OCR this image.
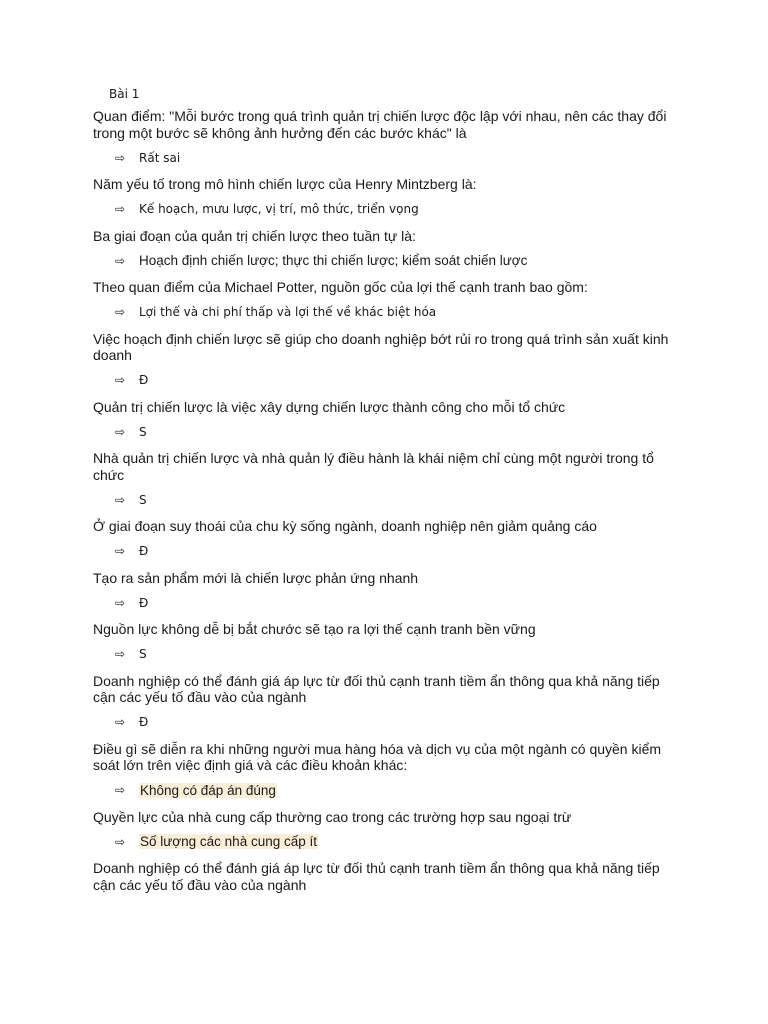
Bài 1

Quan điểm: "Mỗi bước trong quá trình quản trị chiến lược độc lập với nhau, nên các thay đổi trong một bước sẽ không ảnh hưởng đến các bước khác" là

⇨	Rất sai

Năm yếu tố trong mô hình chiến lược của Henry Mintzberg là:

⇨	Kế hoạch, mưu lược, vị trí, mô thức, triển vọng

Ba giai đoạn của quản trị chiến lược theo tuần tự là:

⇨	Hoạch định chiến lược; thực thi chiến lược; kiểm soát chiến lược

Theo quan điểm của Michael Potter, nguồn gốc của lợi thế cạnh tranh bao gồm:

⇨	Lợi thế và chi phí thấp và lợi thế về khác biệt hóa

Việc hoạch định chiến lược sẽ giúp cho doanh nghiệp bớt rủi ro trong quá trình sản xuất kinh doanh

⇨	Đ

Quản trị chiến lược là việc xây dựng chiến lược thành công cho mỗi tổ chức

⇨	S

Nhà quản trị chiến lược và nhà quản lý điều hành là khái niệm chỉ cùng một người trong tổ chức

⇨	S

Ở giai đoạn suy thoái của chu kỳ sống ngành, doanh nghiệp nên giảm quảng cáo

⇨	Đ

Tạo ra sản phẩm mới là chiến lược phản ứng nhanh

⇨	Đ

Nguồn lực không dễ bị bắt chước sẽ tạo ra lợi thế cạnh tranh bền vững

⇨	S

Doanh nghiệp có thể đánh giá áp lực từ đối thủ cạnh tranh tiềm ẩn thông qua khả năng tiếp cận các yếu tố đầu vào của ngành

⇨	Đ

Điều gì sẽ diễn ra khi những người mua hàng hóa và dịch vụ của một ngành có quyền kiểm soát lớn trên việc định giá và các điều khoản khác:

⇨	Không có đáp án đúng

Quyền lực của nhà cung cấp thường cao trong các trường hợp sau ngoại trừ

⇨	Số lượng các nhà cung cấp ít

Doanh nghiệp có thể đánh giá áp lực từ đối thủ cạnh tranh tiềm ẩn thông qua khả năng tiếp cận các yếu tố đầu vào của ngành
